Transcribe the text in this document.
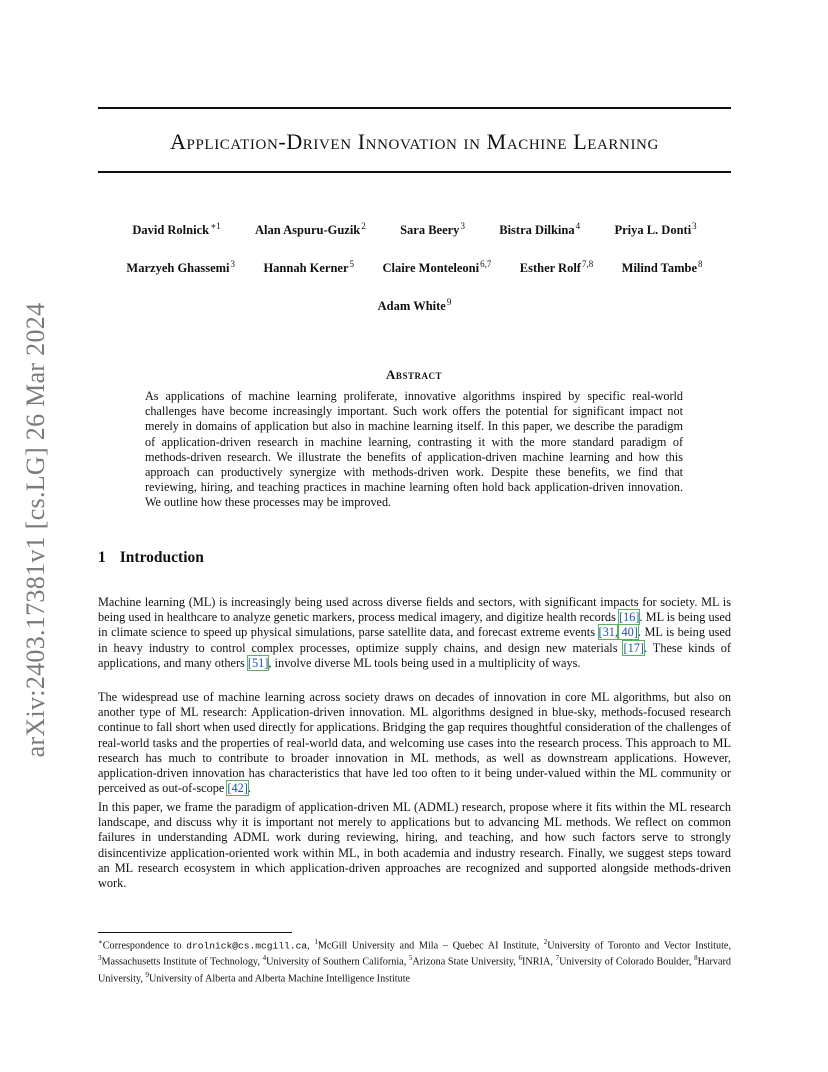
arXiv:2403.17381v1 [cs.LG] 26 Mar 2024
Application-Driven Innovation in Machine Learning
David Rolnick$^{∗1}$	Alan Aspuru-Guzik$^2$	Sara Beery$^3$	Bistra Dilkina$^4$	Priya L. Donti$^3$
Marzyeh Ghassemi$^3$ Hannah Kerner$^5$ Claire Monteleoni$^{6,7}$ Esther Rolf$^{7,8}$ Milind Tambe$^8$
Adam White$^9$
Abstract
As applications of machine learning proliferate, innovative algorithms inspired by specific real-world challenges have become increasingly important. Such work offers the potential for significant impact not merely in domains of application but also in machine learning itself. In this paper, we describe the paradigm of application-driven research in machine learning, contrasting it with the more standard paradigm of methods-driven research. We illustrate the benefits of application-driven machine learning and how this approach can productively synergize with methods-driven work. Despite these benefits, we find that reviewing, hiring, and teaching practices in machine learning often hold back application-driven innovation. We outline how these processes may be improved.
1 Introduction

Machine learning (ML) is increasingly being used across diverse fields and sectors, with significant impacts for society. ML is being used in healthcare to analyze genetic markers, process medical imagery, and digitize health records [16]. ML is being used in climate science to speed up physical simulations, parse satellite data, and forecast extreme events [31, 40]. ML is being used in heavy industry to control complex processes, optimize supply chains, and design new materials [17]. These kinds of applications, and many others [51], involve diverse ML tools being used in a multiplicity of ways.

The widespread use of machine learning across society draws on decades of innovation in core ML algorithms, but also on another type of ML research: Application-driven innovation. ML algorithms designed in blue-sky, methods-focused research continue to fall short when used directly for applications. Bridging the gap requires thoughtful consideration of the challenges of real-world tasks and the properties of real-world data, and welcoming use cases into the research process. This approach to ML research has much to contribute to broader innovation in ML methods, as well as downstream applications. However, application-driven innovation has characteristics that have led too often to it being under-valued within the ML community or perceived as out-of-scope [42].

In this paper, we frame the paradigm of application-driven ML (ADML) research, propose where it fits within the ML research landscape, and discuss why it is important not merely to applications but to advancing ML methods. We reflect on common failures in understanding ADML work during reviewing, hiring, and teaching, and how such factors serve to strongly disincentivize application-oriented work within ML, in both academia and industry research. Finally, we suggest steps toward an ML research ecosystem in which application-driven approaches are recognized and supported alongside methods-driven work.

∗Correspondence to drolnick@cs.mcgill.ca, $^1$McGill University and Mila – Quebec AI Institute, $^2$University of Toronto and Vector Institute, $^3$Massachusetts Institute of Technology, $^4$University of Southern California, $^5$Arizona State University, $^6$INRIA, $^7$University of Colorado Boulder, $^8$Harvard University, $^9$University of Alberta and Alberta Machine Intelligence Institute
